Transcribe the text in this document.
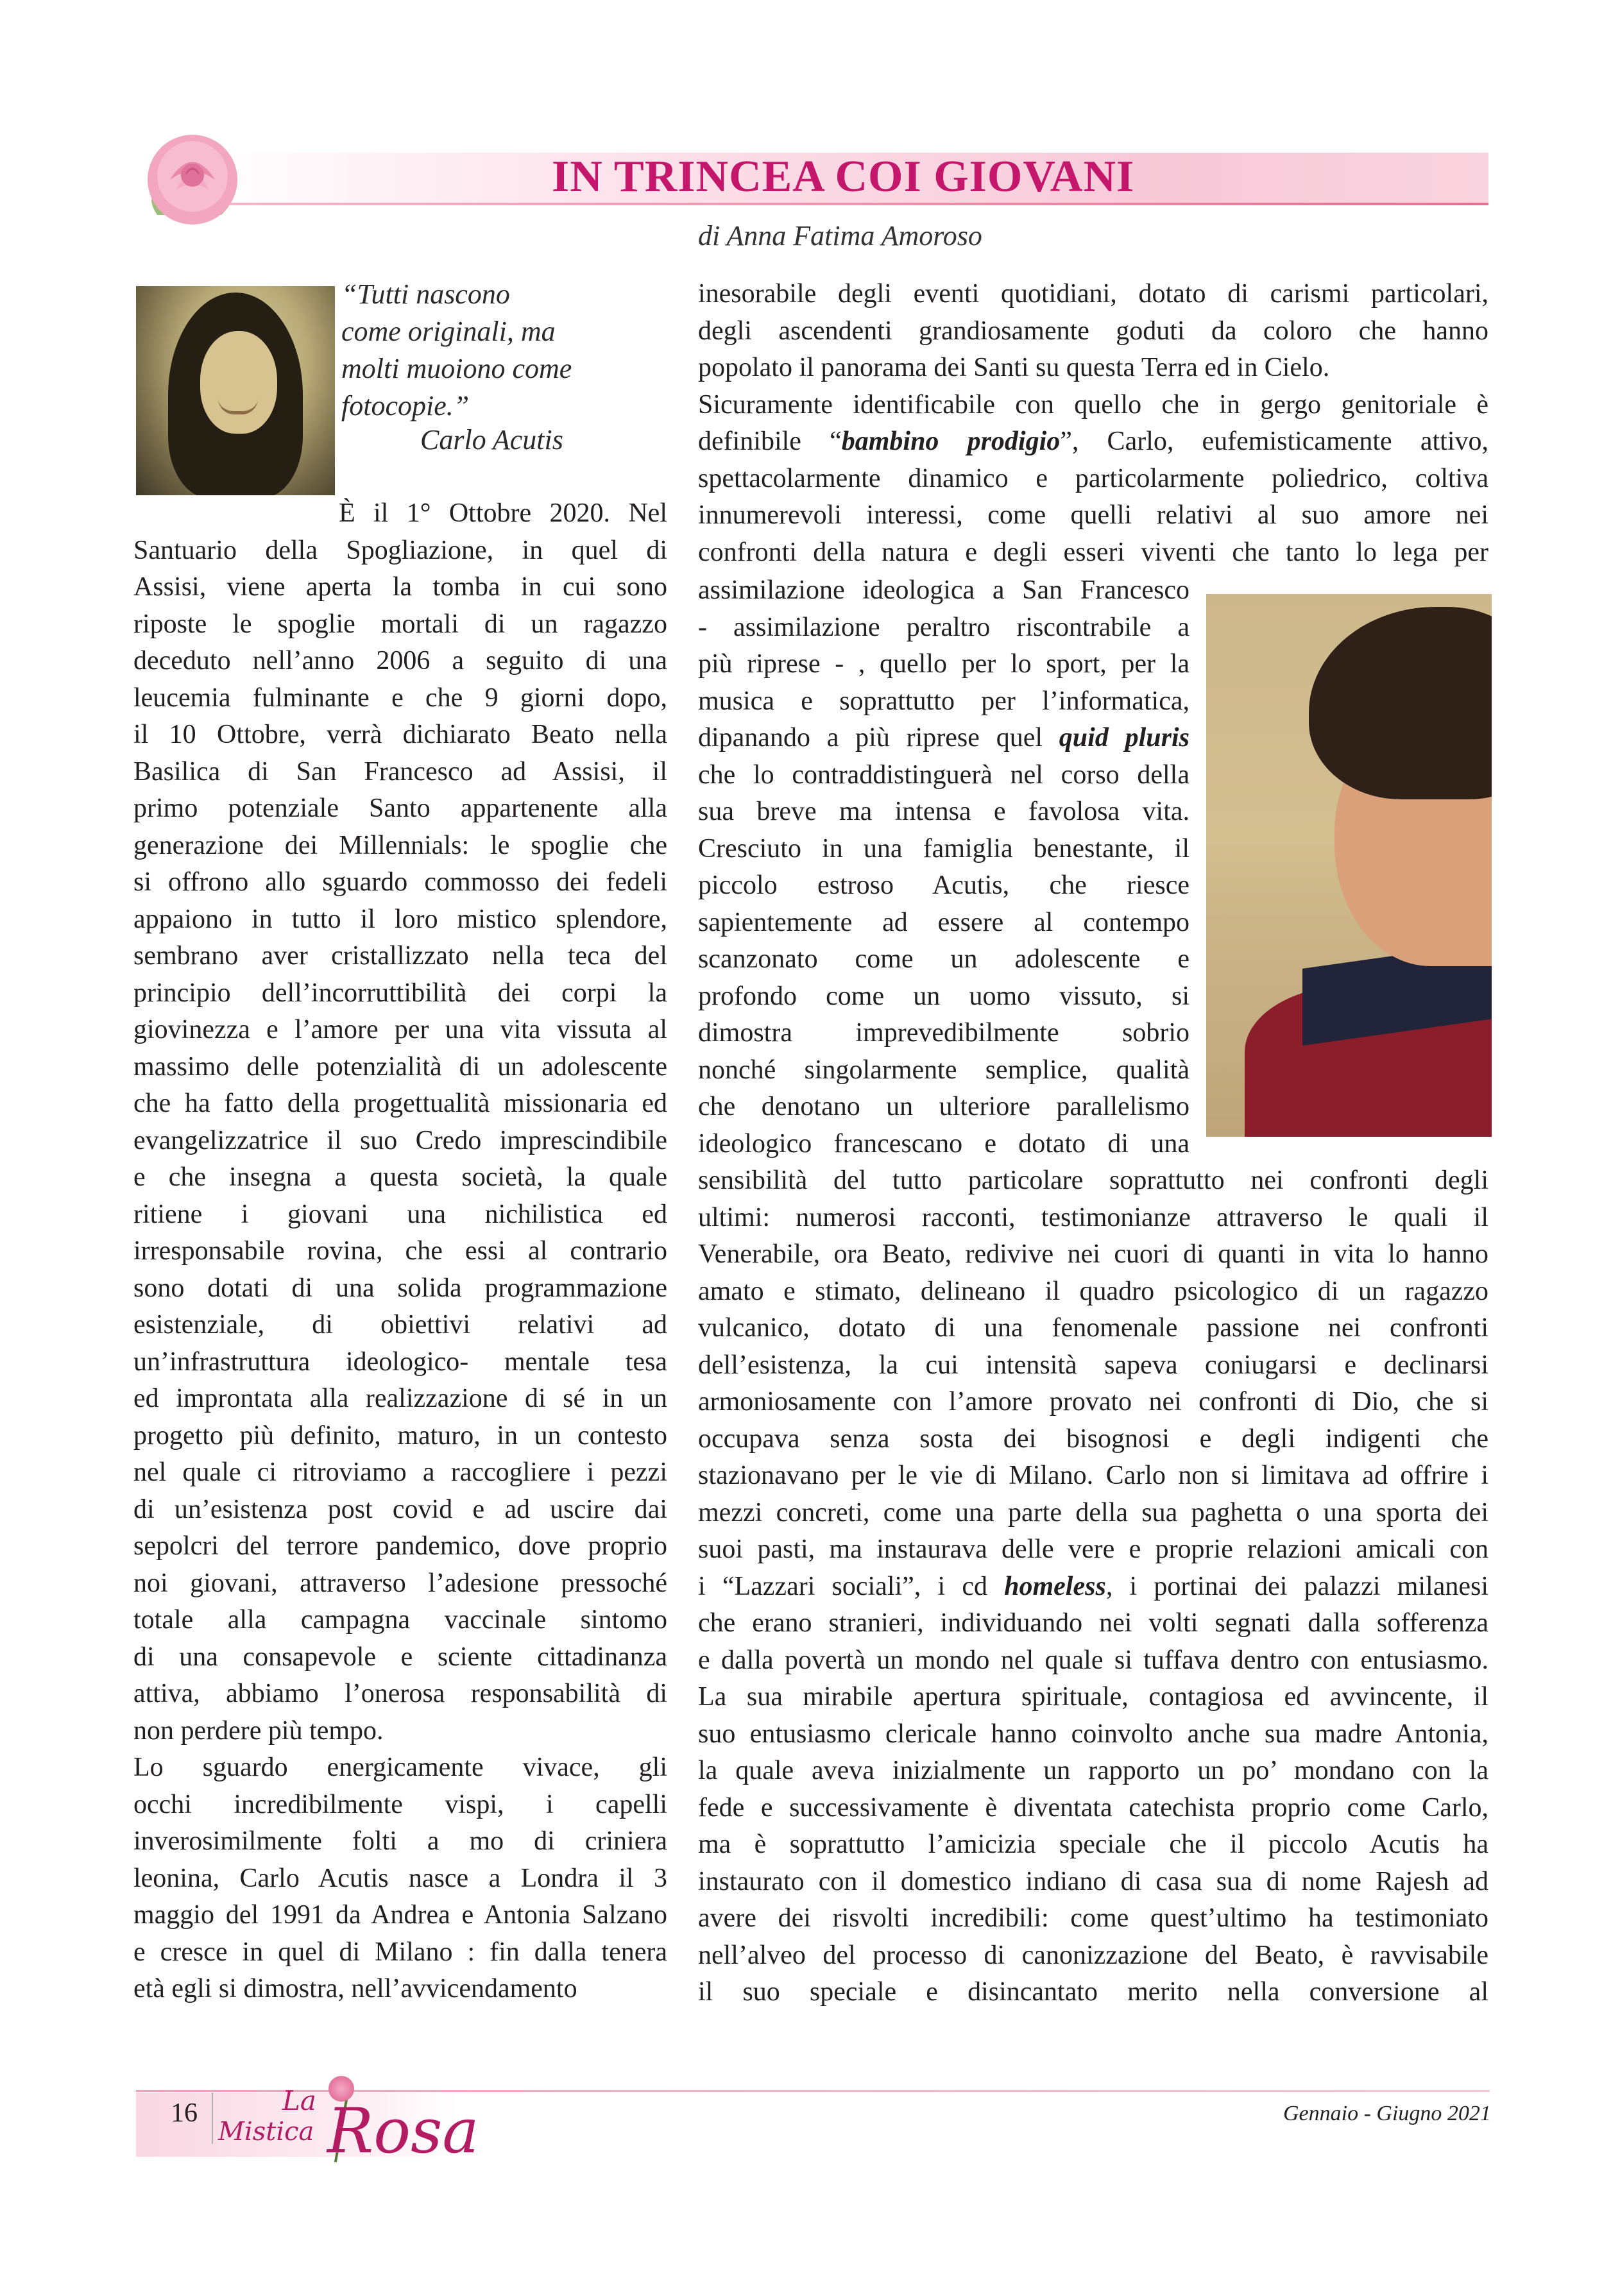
IN TRINCEA COI GIOVANI
di Anna Fatima Amoroso
“Tutti nascono
come originali, ma
molti muoiono come
fotocopie.”
Carlo Acutis
È il 1° Ottobre 2020. Nel
Santuario della Spogliazione, in quel di
Assisi, viene aperta la tomba in cui sono
riposte le spoglie mortali di un ragazzo
deceduto nell’anno 2006 a seguito di una
leucemia fulminante e che 9 giorni dopo,
il 10 Ottobre, verrà dichiarato Beato nella
Basilica di San Francesco ad Assisi, il
primo potenziale Santo appartenente alla
generazione dei Millennials: le spoglie che
si offrono allo sguardo commosso dei fedeli
appaiono in tutto il loro mistico splendore,
sembrano aver cristallizzato nella teca del
principio dell’incorruttibilità dei corpi la
giovinezza e l’amore per una vita vissuta al
massimo delle potenzialità di un adolescente
che ha fatto della progettualità missionaria ed
evangelizzatrice il suo Credo imprescindibile
e che insegna a questa società, la quale
ritiene i giovani una nichilistica ed
irresponsabile rovina, che essi al contrario
sono dotati di una solida programmazione
esistenziale, di obiettivi relativi ad
un’infrastruttura ideologico- mentale tesa
ed improntata alla realizzazione di sé in un
progetto più definito, maturo, in un contesto
nel quale ci ritroviamo a raccogliere i pezzi
di un’esistenza post covid e ad uscire dai
sepolcri del terrore pandemico, dove proprio
noi giovani, attraverso l’adesione pressoché
totale alla campagna vaccinale sintomo
di una consapevole e sciente cittadinanza
attiva, abbiamo l’onerosa responsabilità di
non perdere più tempo.
Lo sguardo energicamente vivace, gli
occhi incredibilmente vispi, i capelli
inverosimilmente folti a mo di criniera
leonina, Carlo Acutis nasce a Londra il 3
maggio del 1991 da Andrea e Antonia Salzano
e cresce in quel di Milano : fin dalla tenera
età egli si dimostra, nell’avvicendamento
inesorabile degli eventi quotidiani, dotato di carismi particolari,
degli ascendenti grandiosamente goduti da coloro che hanno
popolato il panorama dei Santi su questa Terra ed in Cielo.
Sicuramente identificabile con quello che in gergo genitoriale è
definibile “bambino prodigio”, Carlo, eufemisticamente attivo,
spettacolarmente dinamico e particolarmente poliedrico, coltiva
innumerevoli interessi, come quelli relativi al suo amore nei
confronti della natura e degli esseri viventi che tanto lo lega per
assimilazione ideologica a San Francesco
- assimilazione peraltro riscontrabile a
più riprese - , quello per lo sport, per la
musica e soprattutto per l’informatica,
dipanando a più riprese quel quid pluris
che lo contraddistinguerà nel corso della
sua breve ma intensa e favolosa vita.
Cresciuto in una famiglia benestante, il
piccolo estroso Acutis, che riesce
sapientemente ad essere al contempo
scanzonato come un adolescente e
profondo come un uomo vissuto, si
dimostra imprevedibilmente sobrio
nonché singolarmente semplice, qualità
che denotano un ulteriore parallelismo
ideologico francescano e dotato di una
sensibilità del tutto particolare soprattutto nei confronti degli
ultimi: numerosi racconti, testimonianze attraverso le quali il
Venerabile, ora Beato, redivive nei cuori di quanti in vita lo hanno
amato e stimato, delineano il quadro psicologico di un ragazzo
vulcanico, dotato di una fenomenale passione nei confronti
dell’esistenza, la cui intensità sapeva coniugarsi e declinarsi
armoniosamente con l’amore provato nei confronti di Dio, che si
occupava senza sosta dei bisognosi e degli indigenti che
stazionavano per le vie di Milano. Carlo non si limitava ad offrire i
mezzi concreti, come una parte della sua paghetta o una sporta dei
suoi pasti, ma instaurava delle vere e proprie relazioni amicali con
i “Lazzari sociali”, i cd homeless, i portinai dei palazzi milanesi
che erano stranieri, individuando nei volti segnati dalla sofferenza
e dalla povertà un mondo nel quale si tuffava dentro con entusiasmo.
La sua mirabile apertura spirituale, contagiosa ed avvincente, il
suo entusiasmo clericale hanno coinvolto anche sua madre Antonia,
la quale aveva inizialmente un rapporto un po’ mondano con la
fede e successivamente è diventata catechista proprio come Carlo,
ma è soprattutto l’amicizia speciale che il piccolo Acutis ha
instaurato con il domestico indiano di casa sua di nome Rajesh ad
avere dei risvolti incredibili: come quest’ultimo ha testimoniato
nell’alveo del processo di canonizzazione del Beato, è ravvisabile
il suo speciale e disincantato merito nella conversione al
16	La
Mistica Rosa	Gennaio - Giugno 2021
